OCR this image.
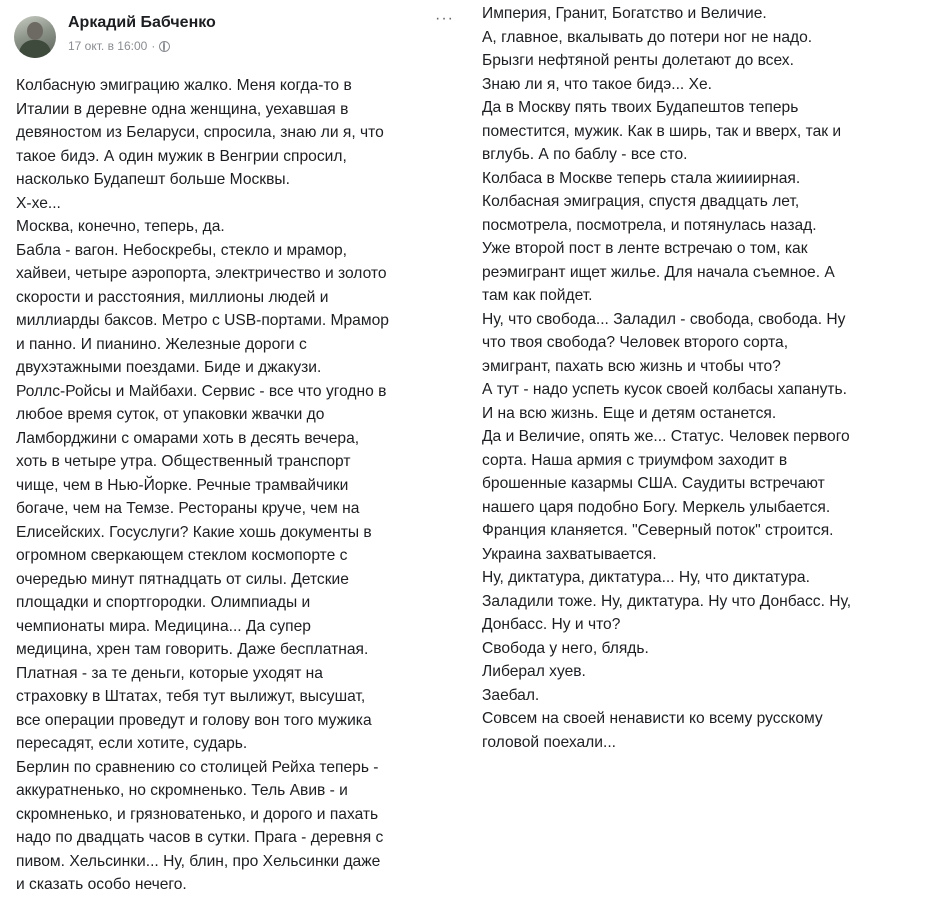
Аркадий Бабченко
17 окт. в 16:00 ·
···
Колбасную эмиграцию жалко. Меня когда-то в
Италии в деревне одна женщина, уехавшая в
девяностом из Беларуси, спросила, знаю ли я, что
такое бидэ. А один мужик в Венгрии спросил,
насколько Будапешт больше Москвы.
Х-хе...
Москва, конечно, теперь, да.
Бабла - вагон. Небоскребы, стекло и мрамор,
хайвеи, четыре аэропорта, электричество и золото
скорости и расстояния, миллионы людей и
миллиарды баксов. Метро с USB-портами. Мрамор
и панно. И пианино. Железные дороги с
двухэтажными поездами. Биде и джакузи.
Роллс-Ройсы и Майбахи. Сервис - все что угодно в
любое время суток, от упаковки жвачки до
Ламборджини с омарами хоть в десять вечера,
хоть в четыре утра. Общественный транспорт
чище, чем в Нью-Йорке. Речные трамвайчики
богаче, чем на Темзе. Рестораны круче, чем на
Елисейских. Госуслуги? Какие хошь документы в
огромном сверкающем стеклом космопорте с
очередью минут пятнадцать от силы. Детские
площадки и спортгородки. Олимпиады и
чемпионаты мира. Медицина... Да супер
медицина, хрен там говорить. Даже бесплатная.
Платная - за те деньги, которые уходят на
страховку в Штатах, тебя тут вылижут, высушат,
все операции проведут и голову вон того мужика
пересадят, если хотите, сударь.
Берлин по сравнению со столицей Рейха теперь -
аккуратненько, но скромненько. Тель Авив - и
скромненько, и грязноватенько, и дорого и пахать
надо по двадцать часов в сутки. Прага - деревня с
пивом. Хельсинки... Ну, блин, про Хельсинки даже
и сказать особо нечего.
Империя, Гранит, Богатство и Величие.
А, главное, вкалывать до потери ног не надо.
Брызги нефтяной ренты долетают до всех.
Знаю ли я, что такое бидэ... Хе.
Да в Москву пять твоих Будапештов теперь
поместится, мужик. Как в ширь, так и вверх, так и
вглубь. А по баблу - все сто.
Колбаса в Москве теперь стала жиииирная.
Колбасная эмиграция, спустя двадцать лет,
посмотрела, посмотрела, и потянулась назад.
Уже второй пост в ленте встречаю о том, как
реэмигрант ищет жилье. Для начала съемное. А
там как пойдет.
Ну, что свобода... Заладил - свобода, свобода. Ну
что твоя свобода? Человек второго сорта,
эмигрант, пахать всю жизнь и чтобы что?
А тут - надо успеть кусок своей колбасы хапануть.
И на всю жизнь. Еще и детям останется.
Да и Величие, опять же... Статус. Человек первого
сорта. Наша армия с триумфом заходит в
брошенные казармы США. Саудиты встречают
нашего царя подобно Богу. Меркель улыбается.
Франция кланяется. "Северный поток" строится.
Украина захватывается.
Ну, диктатура, диктатура... Ну, что диктатура.
Заладили тоже. Ну, диктатура. Ну что Донбасс. Ну,
Донбасс. Ну и что?
Свобода у него, блядь.
Либерал хуев.
Заебал.
Совсем на своей ненависти ко всему русскому
головой поехали...
